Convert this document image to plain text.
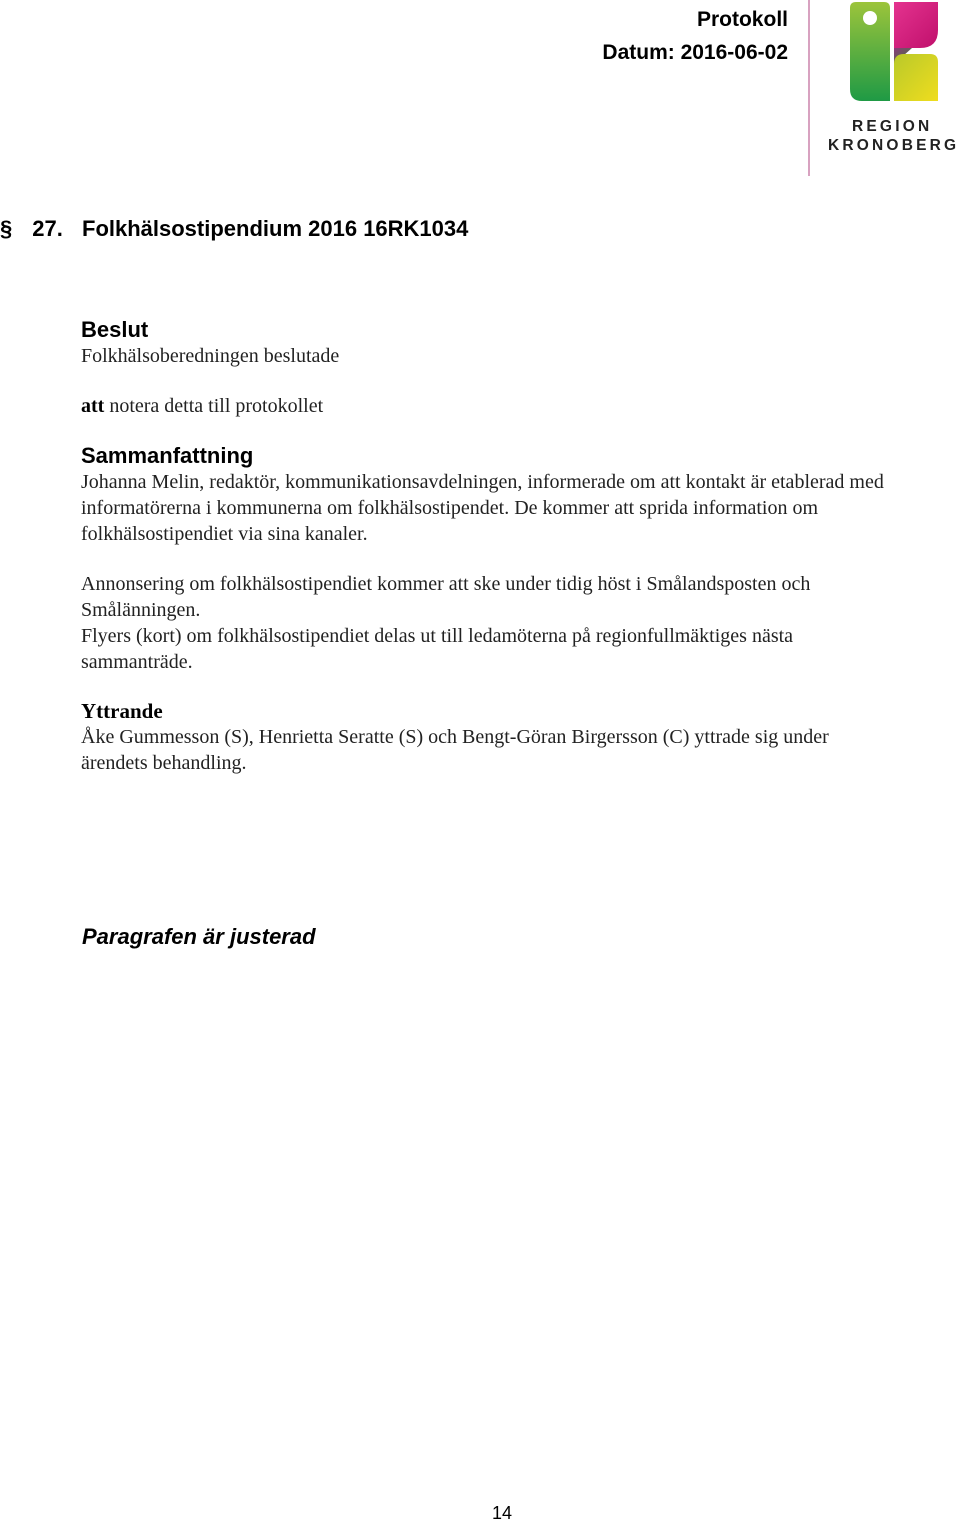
Protokoll
Datum: 2016-06-02
REGION
KRONOBERG
§ 27. Folkhälsostipendium 2016 16RK1034
Beslut
Folkhälsoberedningen beslutade
att notera detta till protokollet
Sammanfattning
Johanna Melin, redaktör, kommunikationsavdelningen, informerade om att kontakt är etablerad med informatörerna i kommunerna om folkhälsostipendet. De kommer att sprida information om folkhälsostipendiet via sina kanaler.
Annonsering om folkhälsostipendiet kommer att ske under tidig höst i Smålandsposten och Smålänningen.
Flyers (kort) om folkhälsostipendiet delas ut till ledamöterna på regionfullmäktiges nästa sammanträde.
Yttrande
Åke Gummesson (S), Henrietta Seratte (S) och Bengt-Göran Birgersson (C) yttrade sig under ärendets behandling.
Paragrafen är justerad
14
